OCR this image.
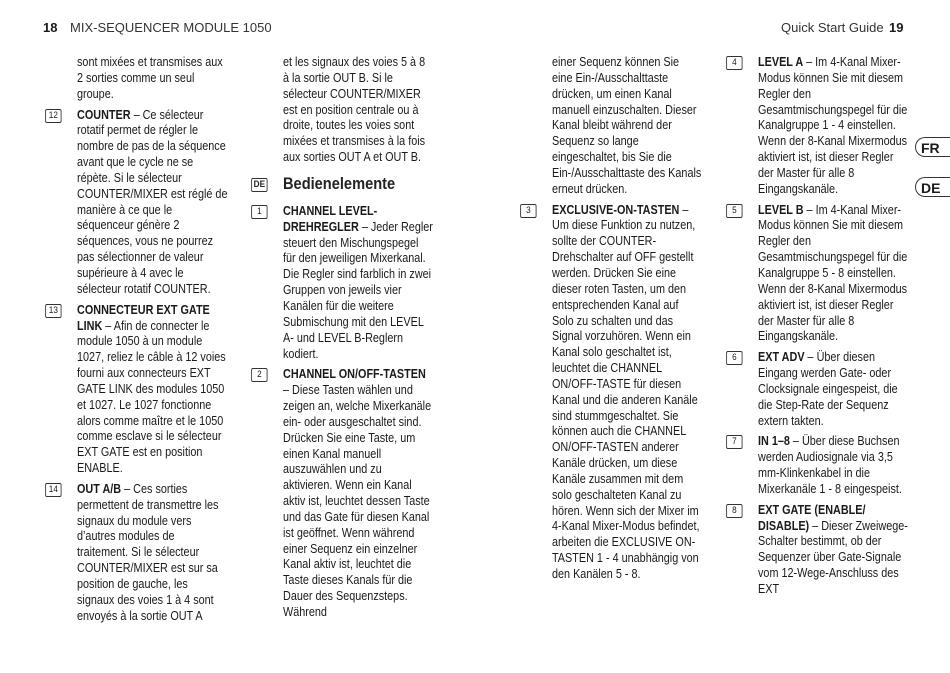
18 MIX-SEQUENCER MODULE 1050	Quick Start Guide 19
FR
DE

sont mixées et transmises aux 2 sorties comme un seul groupe.

12 COUNTER – Ce sélecteur rotatif permet de régler le nombre de pas de la séquence avant que le cycle ne se répète. Si le sélecteur COUNTER/MIXER est réglé de manière à ce que le séquenceur génère 2 séquences, vous ne pourrez pas sélectionner de valeur supérieure à 4 avec le sélecteur rotatif COUNTER.

13 CONNECTEUR EXT GATE LINK – Afin de connecter le module 1050 à un module 1027, reliez le câble à 12 voies fourni aux connecteurs EXT GATE LINK des modules 1050 et 1027. Le 1027 fonctionne alors comme maître et le 1050 comme esclave si le sélecteur EXT GATE est en position ENABLE.

14 OUT A/B – Ces sorties permettent de transmettre les signaux du module vers d’autres modules de traitement. Si le sélecteur COUNTER/MIXER est sur sa position de gauche, les signaux des voies 1 à 4 sont envoyés à la sortie OUT A

et les signaux des voies 5 à 8 à la sortie OUT B. Si le sélecteur COUNTER/MIXER est en position centrale ou à droite, toutes les voies sont mixées et transmises à la fois aux sorties OUT A et OUT B.

DE Bedienelemente

1	CHANNEL LEVEL-DREHREGLER – Jeder Regler steuert den Mischungspegel für den jeweiligen Mixerkanal. Die Regler sind farblich in zwei Gruppen von jeweils vier Kanälen für die weitere Submischung mit den LEVEL A- und LEVEL B-Reglern kodiert.

2	CHANNEL ON/OFF-TASTEN – Diese Tasten wählen und zeigen an, welche Mixerkanäle ein- oder ausgeschaltet sind. Drücken Sie eine Taste, um einen Kanal manuell auszuwählen und zu aktivieren. Wenn ein Kanal aktiv ist, leuchtet dessen Taste und das Gate für diesen Kanal ist geöffnet. Wenn während einer Sequenz ein einzelner Kanal aktiv ist, leuchtet die Taste dieses Kanals für die Dauer des Sequenzsteps. Während

einer Sequenz können Sie eine Ein-/Ausschalttaste drücken, um einen Kanal manuell einzuschalten. Dieser Kanal bleibt während der Sequenz so lange eingeschaltet, bis Sie die Ein-/Ausschalttaste des Kanals erneut drücken.

3	EXCLUSIVE-ON-TASTEN – Um diese Funktion zu nutzen, sollte der COUNTER-Drehschalter auf OFF gestellt werden. Drücken Sie eine dieser roten Tasten, um den entsprechenden Kanal auf Solo zu schalten und das Signal vorzuhören. Wenn ein Kanal solo geschaltet ist, leuchtet die CHANNEL ON/OFF-TASTE für diesen Kanal und die anderen Kanäle sind stummgeschaltet. Sie können auch die CHANNEL ON/OFF-TASTEN anderer Kanäle drücken, um diese Kanäle zusammen mit dem solo geschalteten Kanal zu hören. Wenn sich der Mixer im 4-Kanal Mixer-Modus befindet, arbeiten die EXCLUSIVE ON-TASTEN 1 - 4 unabhängig von den Kanälen 5 - 8.

4	LEVEL A – Im 4-Kanal Mixer-Modus können Sie mit diesem Regler den Gesamtmischungspegel für die Kanalgruppe 1 - 4 einstellen. Wenn der 8-Kanal Mixermodus aktiviert ist, ist dieser Regler der Master für alle 8 Eingangskanäle.

5	LEVEL B – Im 4-Kanal Mixer-Modus können Sie mit diesem Regler den Gesamtmischungspegel für die Kanalgruppe 5 - 8 einstellen. Wenn der 8-Kanal Mixermodus aktiviert ist, ist dieser Regler der Master für alle 8 Eingangskanäle.

6	EXT ADV – Über diesen Eingang werden Gate- oder Clocksignale eingespeist, die die Step-Rate der Sequenz extern takten.

7	IN 1–8 – Über diese Buchsen werden Audiosignale via 3,5 mm-Klinkenkabel in die Mixerkanäle 1 - 8 eingespeist.

8	EXT GATE (ENABLE/ DISABLE) – Dieser Zweiwege-Schalter bestimmt, ob der Sequenzer über Gate-Signale vom 12-Wege-Anschluss des EXT
